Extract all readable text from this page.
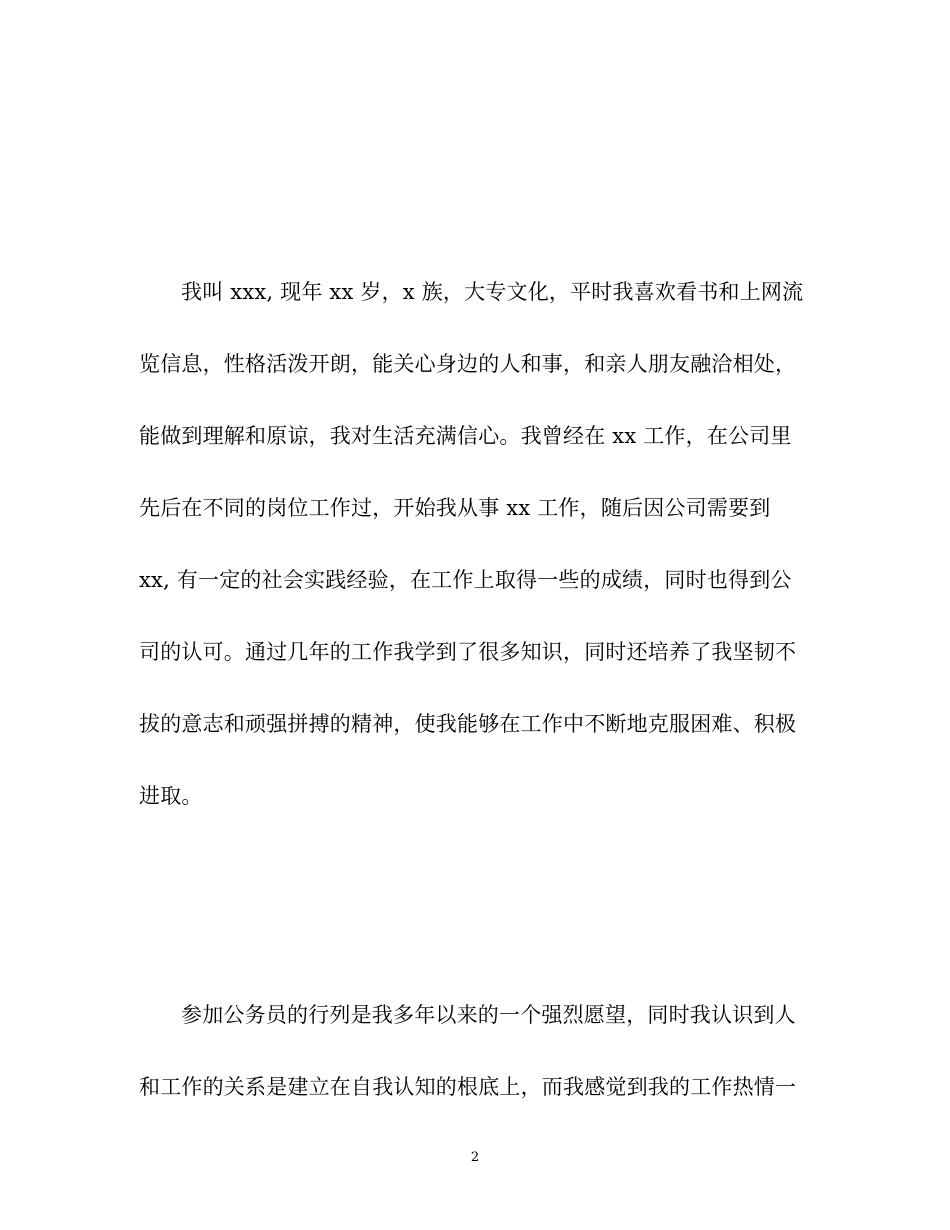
我叫 xxx, 现年 xx 岁，x 族，大专文化，平时我喜欢看书和上网流
览信息，性格活泼开朗，能关心身边的人和事，和亲人朋友融洽相处，
能做到理解和原谅，我对生活充满信心。我曾经在 xx 工作，在公司里
先后在不同的岗位工作过，开始我从事 xx 工作，随后因公司需要到
xx, 有一定的社会实践经验，在工作上取得一些的成绩，同时也得到公
司的认可。通过几年的工作我学到了很多知识，同时还培养了我坚韧不
拔的意志和顽强拼搏的精神，使我能够在工作中不断地克服困难、积极
进取。
参加公务员的行列是我多年以来的一个强烈愿望，同时我认识到人
和工作的关系是建立在自我认知的根底上，而我感觉到我的工作热情一
2
